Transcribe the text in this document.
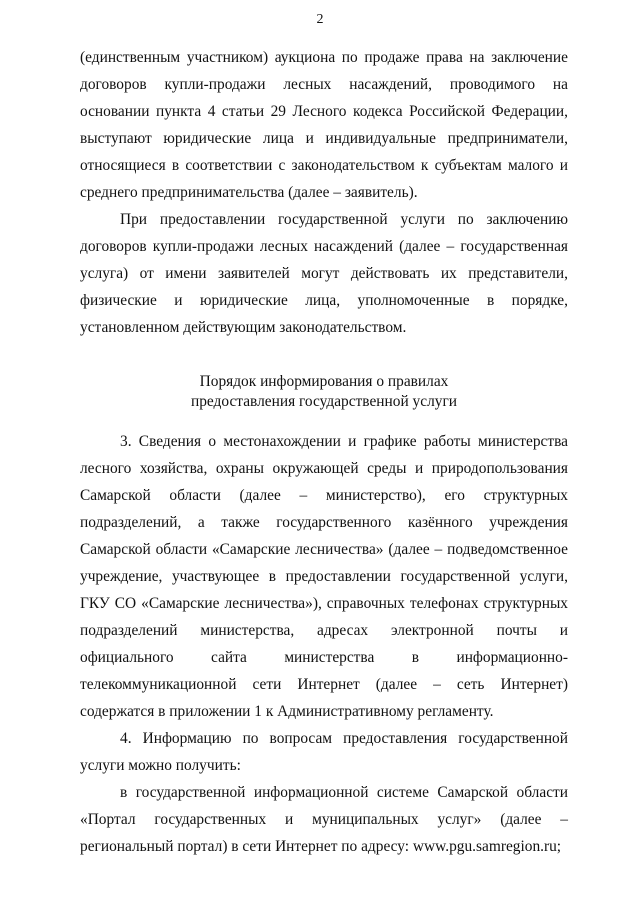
2

(единственным участником) аукциона по продаже права на заключение договоров купли-продажи лесных насаждений, проводимого на основании пункта 4 статьи 29 Лесного кодекса Российской Федерации, выступают юридические лица и индивидуальные предприниматели, относящиеся в соответствии с законодательством к субъектам малого и среднего предпринимательства (далее – заявитель).

При предоставлении государственной услуги по заключению договоров купли-продажи лесных насаждений (далее – государственная услуга) от имени заявителей могут действовать их представители, физические и юридические лица, уполномоченные в порядке, установленном действующим законодательством.

Порядок информирования о правилах
предоставления государственной услуги

3. Сведения о местонахождении и графике работы министерства лесного хозяйства, охраны окружающей среды и природопользования Самарской области (далее – министерство), его структурных подразделений, а также государственного казённого учреждения Самарской области «Самарские лесничества» (далее – подведомственное учреждение, участвующее в предоставлении государственной услуги, ГКУ СО «Самарские лесничества»), справочных телефонах структурных подразделений министерства, адресах электронной почты и официального сайта министерства в информационно-телекоммуникационной сети Интернет (далее – сеть Интернет) содержатся в приложении 1 к Административному регламенту.

4. Информацию по вопросам предоставления государственной услуги можно получить:

в государственной информационной системе Самарской области «Портал государственных и муниципальных услуг» (далее – региональный портал) в сети Интернет по адресу: www.pgu.samregion.ru;
